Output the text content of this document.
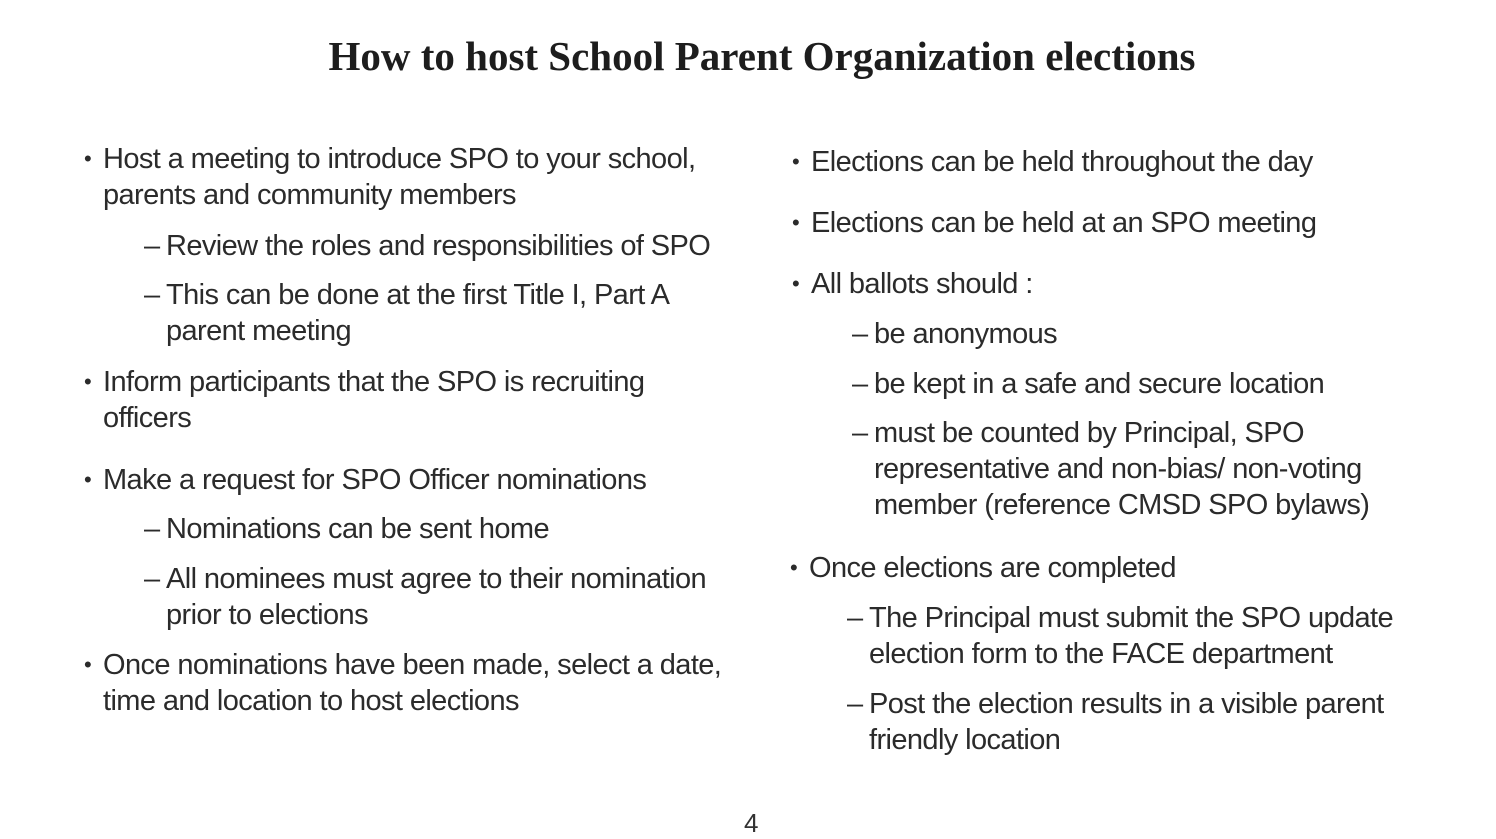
How to host School Parent Organization elections
• Host a meeting to introduce SPO to your school, parents and community members
– Review the roles and responsibilities of SPO
– This can be done at the first Title I, Part A parent meeting
• Inform participants that the SPO is recruiting officers
• Make a request for SPO Officer nominations
– Nominations can be sent home
– All nominees must agree to their nomination prior to elections
• Once nominations have been made, select a date, time and location to host elections
• Elections can be held throughout the day
• Elections can be held at an SPO meeting
• All ballots should :
– be anonymous
– be kept in a safe and secure location
– must be counted by Principal, SPO representative and non-bias/ non-voting member (reference CMSD SPO bylaws)
• Once elections are completed
– The Principal must submit the SPO update election form to the FACE department
– Post the election results in a visible parent friendly location
4
